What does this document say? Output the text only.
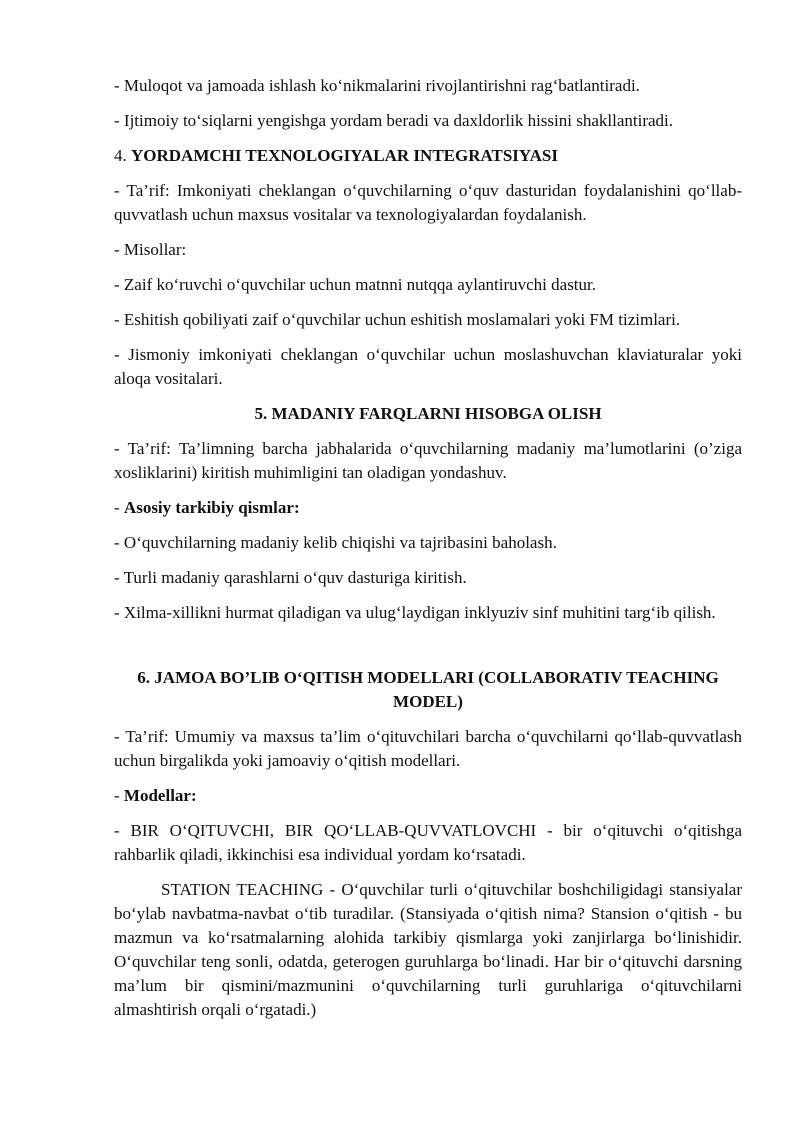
- Muloqot va jamoada ishlash ko‘nikmalarini rivojlantirishni rag‘batlantiradi.

- Ijtimoiy to‘siqlarni yengishga yordam beradi va daxldorlik hissini shakllantiradi.

4. YORDAMCHI TEXNOLOGIYALAR INTEGRATSIYASI

- Ta’rif: Imkoniyati cheklangan o‘quvchilarning o‘quv dasturidan foydalanishini qo‘llab-quvvatlash uchun maxsus vositalar va texnologiyalardan foydalanish.

- Misollar:

- Zaif ko‘ruvchi o‘quvchilar uchun matnni nutqqa aylantiruvchi dastur.

- Eshitish qobiliyati zaif o‘quvchilar uchun eshitish moslamalari yoki FM tizimlari.

- Jismoniy imkoniyati cheklangan o‘quvchilar uchun moslashuvchan klaviaturalar yoki aloqa vositalari.

5. MADANIY FARQLARNI HISOBGA OLISH

- Ta’rif: Ta’limning barcha jabhalarida o‘quvchilarning madaniy ma’lumotlarini (o’ziga xosliklarini) kiritish muhimligini tan oladigan yondashuv.

- Asosiy tarkibiy qismlar:

- O‘quvchilarning madaniy kelib chiqishi va tajribasini baholash.

- Turli madaniy qarashlarni o‘quv dasturiga kiritish.

- Xilma-xillikni hurmat qiladigan va ulug‘laydigan inklyuziv sinf muhitini targ‘ib qilish.

6. JAMOA BO’LIB O‘QITISH MODELLARI (COLLABORATIV TEACHING MODEL)

- Ta’rif: Umumiy va maxsus ta’lim o‘qituvchilari barcha o‘quvchilarni qo‘llab-quvvatlash uchun birgalikda yoki jamoaviy o‘qitish modellari.

- Modellar:

- BIR O‘QITUVCHI, BIR QO‘LLAB-QUVVATLOVCHI - bir o‘qituvchi o‘qitishga rahbarlik qiladi, ikkinchisi esa individual yordam ko‘rsatadi.

STATION TEACHING - O‘quvchilar turli o‘qituvchilar boshchiligidagi stansiyalar bo‘ylab navbatma-navbat o‘tib turadilar. (Stansiyada o‘qitish nima? Stansion o‘qitish - bu mazmun va ko‘rsatmalarning alohida tarkibiy qismlarga yoki zanjirlarga bo‘linishidir. O‘quvchilar teng sonli, odatda, geterogen guruhlarga bo‘linadi. Har bir o‘qituvchi darsning ma’lum bir qismini/mazmunini o‘quvchilarning turli guruhlariga o‘qituvchilarni almashtirish orqali o‘rgatadi.)
